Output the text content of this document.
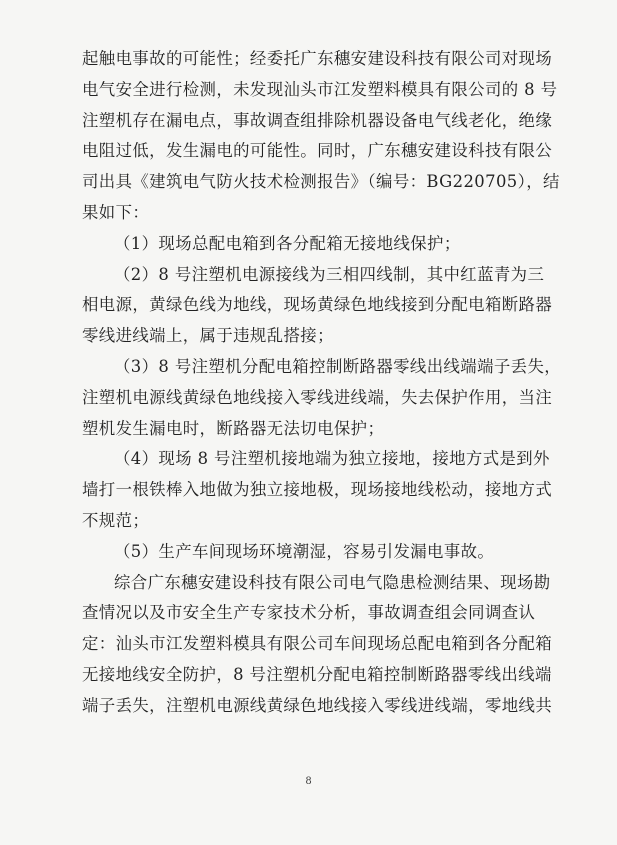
起触电事故的可能性；经委托广东穗安建设科技有限公司对现场
电气安全进行检测，未发现汕头市江发塑料模具有限公司的 8 号
注塑机存在漏电点，事故调查组排除机器设备电气线老化，绝缘
电阻过低，发生漏电的可能性。同时，广东穗安建设科技有限公
司出具《建筑电气防火技术检测报告》（编号：BG220705），结
果如下：
（1）现场总配电箱到各分配箱无接地线保护；
（2）8 号注塑机电源接线为三相四线制，其中红蓝青为三
相电源，黄绿色线为地线，现场黄绿色地线接到分配电箱断路器
零线进线端上，属于违规乱搭接；
（3）8 号注塑机分配电箱控制断路器零线出线端端子丢失，
注塑机电源线黄绿色地线接入零线进线端，失去保护作用，当注
塑机发生漏电时，断路器无法切电保护；
（4）现场 8 号注塑机接地端为独立接地，接地方式是到外
墙打一根铁棒入地做为独立接地极，现场接地线松动，接地方式
不规范；
（5）生产车间现场环境潮湿，容易引发漏电事故。
综合广东穗安建设科技有限公司电气隐患检测结果、现场勘
查情况以及市安全生产专家技术分析，事故调查组会同调查认
定：汕头市江发塑料模具有限公司车间现场总配电箱到各分配箱
无接地线安全防护，8 号注塑机分配电箱控制断路器零线出线端
端子丢失，注塑机电源线黄绿色地线接入零线进线端，零地线共
8
